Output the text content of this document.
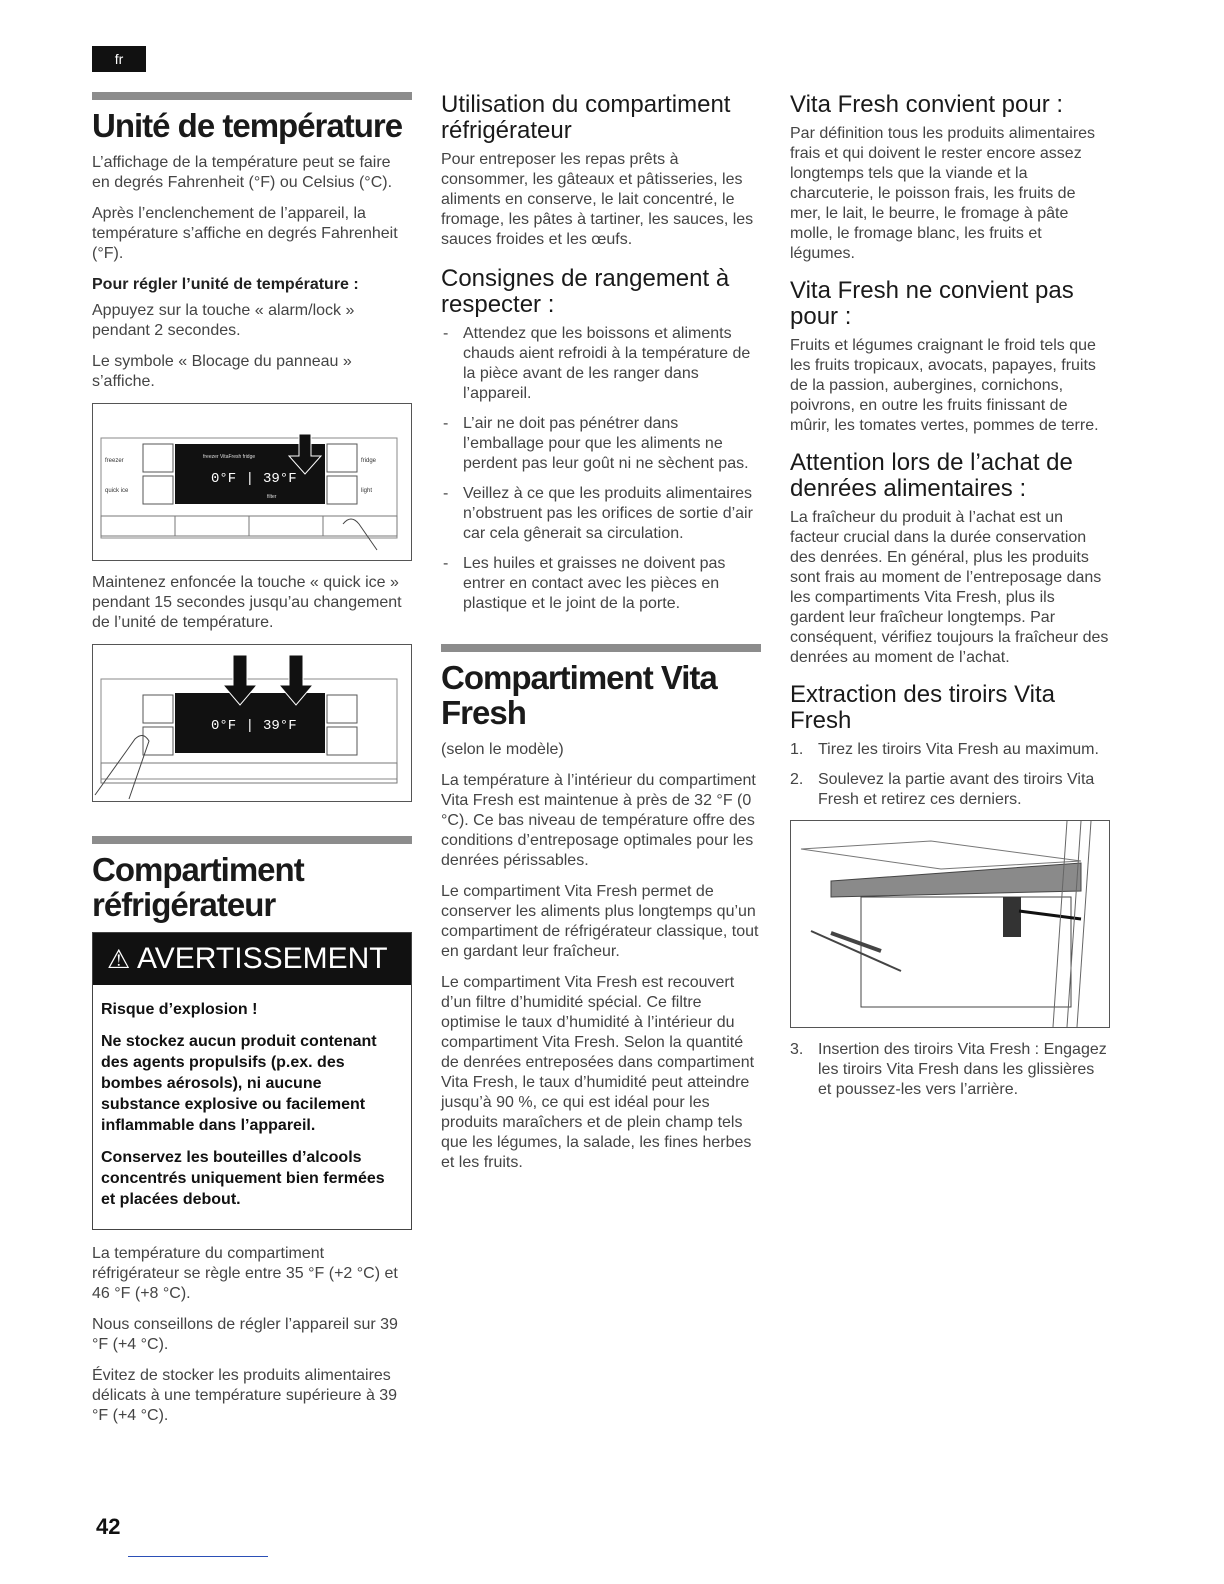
fr
Unité de température

L’affichage de la température peut se faire en degrés Fahrenheit (°F) ou Celsius (°C).

Après l’enclenchement de l’appareil, la température s’affiche en degrés Fahrenheit (°F).

Pour régler l’unité de température :

Appuyez sur la touche « alarm/lock » pendant 2 secondes.

Le symbole « Blocage du panneau » s’affiche.

freezer
quick ice
fridge
light
freezer VitaFresh fridge
0°F | 39°F
filter

Maintenez enfoncée la touche « quick ice » pendant 15 secondes jusqu’au changement de l’unité de température.

0°F | 39°F
Compartiment réfrigérateur
⚠ AVERTISSEMENT

Risque d’explosion !

Ne stockez aucun produit contenant des agents propulsifs (p.ex. des bombes aérosols), ni aucune substance explosive ou facilement inflammable dans l’appareil.

Conservez les bouteilles d’alcools concentrés uniquement bien fermées et placées debout.

La température du compartiment réfrigérateur se règle entre 35 °F (+2 °C) et 46 °F (+8 °C).

Nous conseillons de régler l’appareil sur 39 °F (+4 °C).

Évitez de stocker les produits alimentaires délicats à une température supérieure à 39 °F (+4 °C).

Utilisation du compartiment réfrigérateur

Pour entreposer les repas prêts à consommer, les gâteaux et pâtisseries, les aliments en conserve, le lait concentré, le fromage, les pâtes à tartiner, les sauces, les sauces froides et les œufs.

Consignes de rangement à respecter :
- Attendez que les boissons et aliments chauds aient refroidi à la température de la pièce avant de les ranger dans l’appareil.
- L’air ne doit pas pénétrer dans l’emballage pour que les aliments ne perdent pas leur goût ni ne sèchent pas.
- Veillez à ce que les produits alimentaires n’obstruent pas les orifices de sortie d’air car cela gênerait sa circulation.
- Les huiles et graisses ne doivent pas entrer en contact avec les pièces en plastique et le joint de la porte.
Compartiment Vita Fresh

(selon le modèle)

La température à l’intérieur du compartiment Vita Fresh est maintenue à près de 32 °F (0 °C). Ce bas niveau de température offre des conditions d’entreposage optimales pour les denrées périssables.

Le compartiment Vita Fresh permet de conserver les aliments plus longtemps qu’un compartiment de réfrigérateur classique, tout en gardant leur fraîcheur.

Le compartiment Vita Fresh est recouvert d’un filtre d’humidité spécial. Ce filtre optimise le taux d’humidité à l’intérieur du compartiment Vita Fresh. Selon la quantité de denrées entreposées dans compartiment Vita Fresh, le taux d’humidité peut atteindre jusqu’à 90 %, ce qui est idéal pour les produits maraîchers et de plein champ tels que les légumes, la salade, les fines herbes et les fruits.

Vita Fresh convient pour :

Par définition tous les produits alimentaires frais et qui doivent le rester encore assez longtemps tels que la viande et la charcuterie, le poisson frais, les fruits de mer, le lait, le beurre, le fromage à pâte molle, le fromage blanc, les fruits et légumes.

Vita Fresh ne convient pas pour :

Fruits et légumes craignant le froid tels que les fruits tropicaux, avocats, papayes, fruits de la passion, aubergines, cornichons, poivrons, en outre les fruits finissant de mûrir, les tomates vertes, pommes de terre.

Attention lors de l’achat de denrées alimentaires :

La fraîcheur du produit à l’achat est un facteur crucial dans la durée conservation des denrées. En général, plus les produits sont frais au moment de l’entreposage dans les compartiments Vita Fresh, plus ils gardent leur fraîcheur longtemps. Par conséquent, vérifiez toujours la fraîcheur des denrées au moment de l’achat.

Extraction des tiroirs Vita Fresh
1. Tirez les tiroirs Vita Fresh au maximum.
2. Soulevez la partie avant des tiroirs Vita Fresh et retirez ces derniers.
3. Insertion des tiroirs Vita Fresh : Engagez les tiroirs Vita Fresh dans les glissières et poussez-les vers l’arrière.
42
